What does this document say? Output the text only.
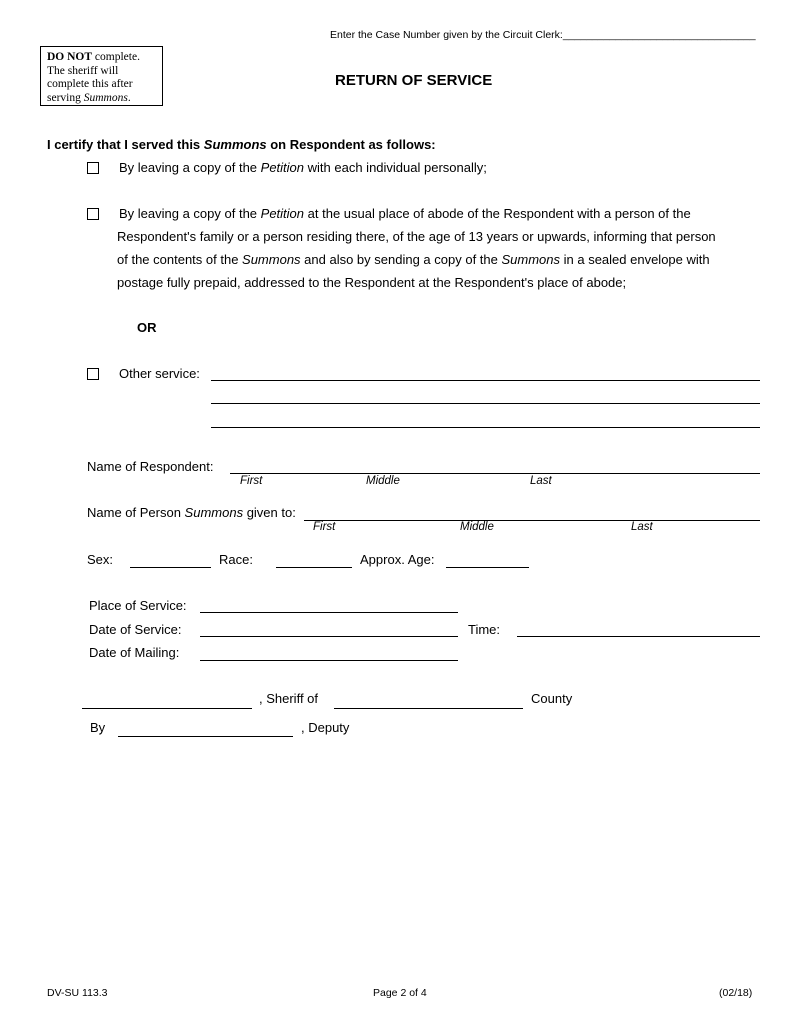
Enter the Case Number given by the Circuit Clerk:_________________________________
DO NOT complete.
The sheriff will
complete this after
serving Summons.
RETURN OF SERVICE
I certify that I served this Summons on Respondent as follows:
By leaving a copy of the Petition with each individual personally;
By leaving a copy of the Petition at the usual place of abode of the Respondent with a person of the
Respondent's family or a person residing there, of the age of 13 years or upwards, informing that person
of the contents of the Summons and also by sending a copy of the Summons in a sealed envelope with
postage fully prepaid, addressed to the Respondent at the Respondent's place of abode;
OR
Other service:
Name of Respondent:
First	Middle	Last
Name of Person Summons given to:
First	Middle	Last
Sex:	Race:	Approx. Age:
Place of Service:
Date of Service:	Time:
Date of Mailing:
, Sheriff of	County
By	, Deputy
DV-SU 113.3	Page 2 of 4	(02/18)
